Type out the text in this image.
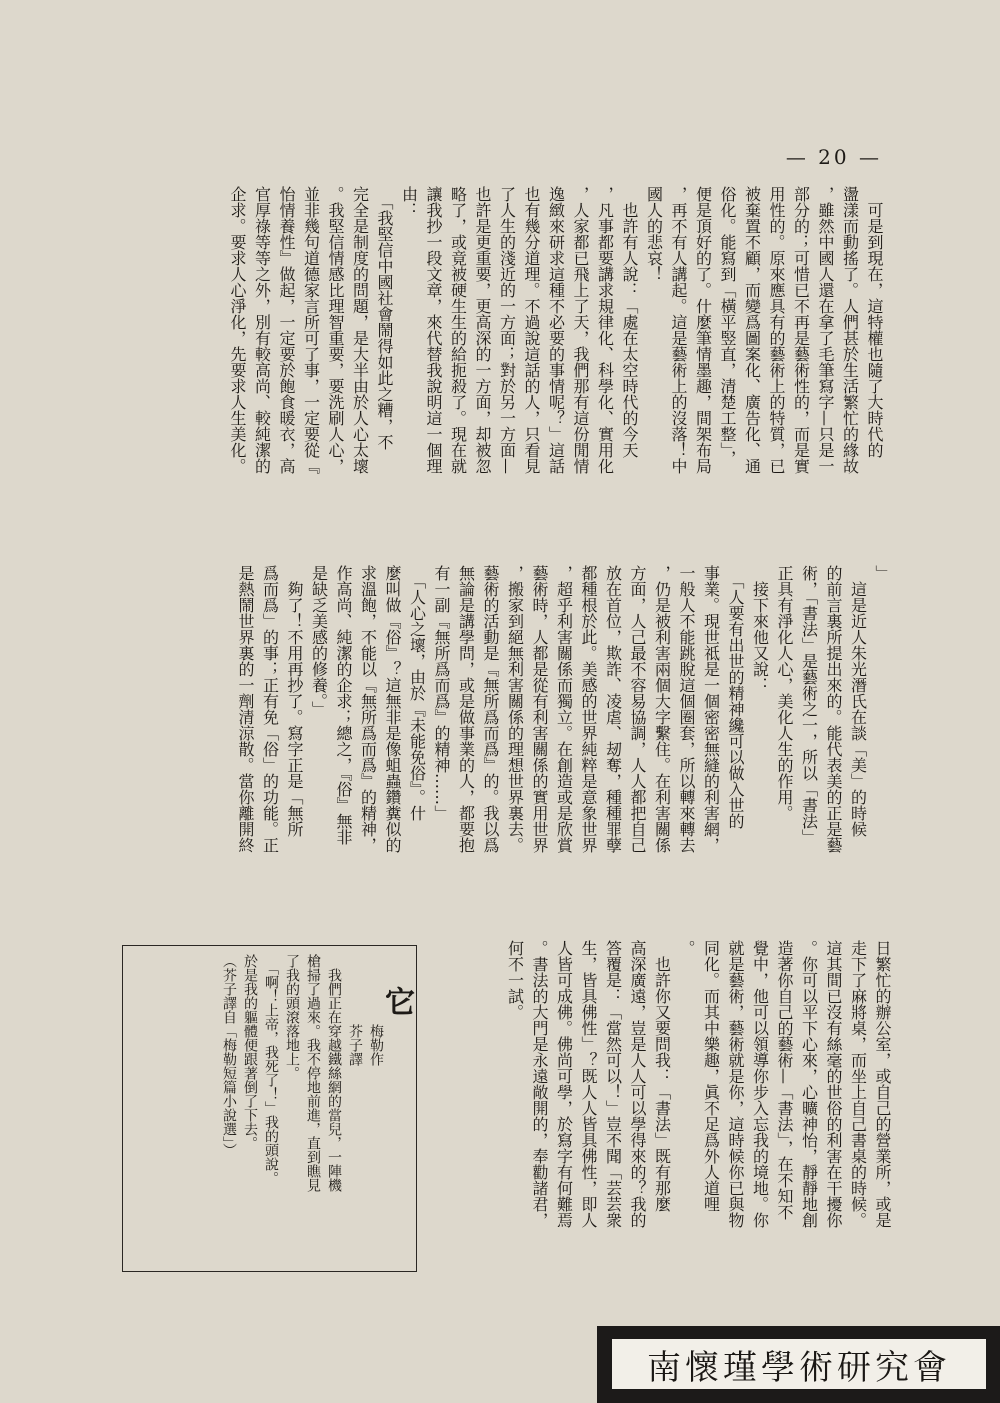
— 20 —

　可是到現在，這特權也隨了大時代的

盪漾而動搖了。人們甚於生活繁忙的緣故

，雖然中國人還在拿了毛筆寫字—只是一

部分的；可惜已不再是藝術性的，而是實

用性的。原來應具有的藝術上的特質，已

被棄置不顧，而變爲圖案化、廣告化、通

俗化。能寫到「橫平竪直，清楚工整」，

便是頂好的了。什麼筆情墨趣，間架布局

，再不有人講起。這是藝術上的沒落！中

國人的悲哀！

　也許有人說：「處在太空時代的今天

，凡事都要講求規律化、科學化、實用化

，人家都已飛上了天，我們那有這份閒情

逸緻來研求這種不必要的事情呢？」這話

也有幾分道理。不過說這話的人，只看見

了人生的淺近的一方面；對於另一方面—

也許是更重要，更高深的一方面，却被忽

略了，或竟被硬生生的給扼殺了。現在就

讓我抄一段文章，來代替我說明這一個理

由：

　「我堅信中國社會鬧得如此之糟，不

完全是制度的問題，是大半由於人心太壞

。我堅信情感比理智重要，要洗刷人心，

並非幾句道德家言所可了事，一定要從『

怡情養性』做起，一定要於飽食暖衣，高

官厚祿等等之外，別有較高尚、較純潔的

企求。要求人心淨化，先要求人生美化。

」

　這是近人朱光潛氏在談「美」的時候

的前言裏所提出來的。能代表美的正是藝

術，「書法」是藝術之一，所以「書法」

正具有淨化人心，美化人生的作用。

　接下來他又說：

　「人要有出世的精神纔可以做入世的

事業。現世祗是一個密密無縫的利害網，

一般人不能跳脫這個圈套，所以轉來轉去

，仍是被利害兩個大字繫住。在利害關係

方面，人己最不容易協調，人人都把自己

放在首位，欺詐、凌虐、刼奪，種種罪孽

都種根於此。美感的世界純粹是意象世界

，超乎利害關係而獨立。在創造或是欣賞

藝術時，人都是從有利害關係的實用世界

，搬家到絕無利害關係的理想世界裏去。

藝術的活動是『無所爲而爲』的。我以爲

無論是講學問，或是做事業的人，都要抱

有一副『無所爲而爲』的精神……」

　「人心之壞，由於『未能免俗』。什

麼叫做『俗』？這無非是像蛆蟲鑽糞似的

求溫飽，不能以『無所爲而爲』的精神，

作高尚、純潔的企求；總之，『俗』無非

是缺乏美感的修養。」

　夠了！不用再抄了。寫字正是「無所

爲而爲」的事；正有免「俗」的功能。正

是熱鬧世界裏的一劑清涼散。當你離開終

日繁忙的辦公室，或自己的營業所，或是

走下了麻將桌，而坐上自己書桌的時候。

這其間已沒有絲毫的世俗的利害在干擾你

。你可以平下心來，心曠神怡，靜靜地創

造著你自己的藝術—「書法」，在不知不

覺中，他可以領導你步入忘我的境地。你

就是藝術，藝術就是你，這時候你已與物

同化。而其中樂趣，眞不足爲外人道哩

。

　也許你又要問我：「書法」既有那麼

高深廣遠，豈是人人可以學得來的？我的

答覆是：「當然可以！」豈不聞「芸芸衆

生，皆具佛性」？既人人皆具佛性，即人

人皆可成佛。佛尚可學，於寫字有何難焉

。書法的大門是永遠敞開的，奉勸諸君，

何不一試。

它

　　　　　梅勒作

　　　　　芥子譯

　我們正在穿越鐵絲網的當兒，一陣機

槍掃了過來。我不停地前進，直到瞧見

了我的頭滾落地上。

　「啊！上帝，我死了！」我的頭說。

於是我的軀體便跟著倒了下去。

（芥子譯自「梅勒短篇小說選」）

南懷瑾學術研究會
